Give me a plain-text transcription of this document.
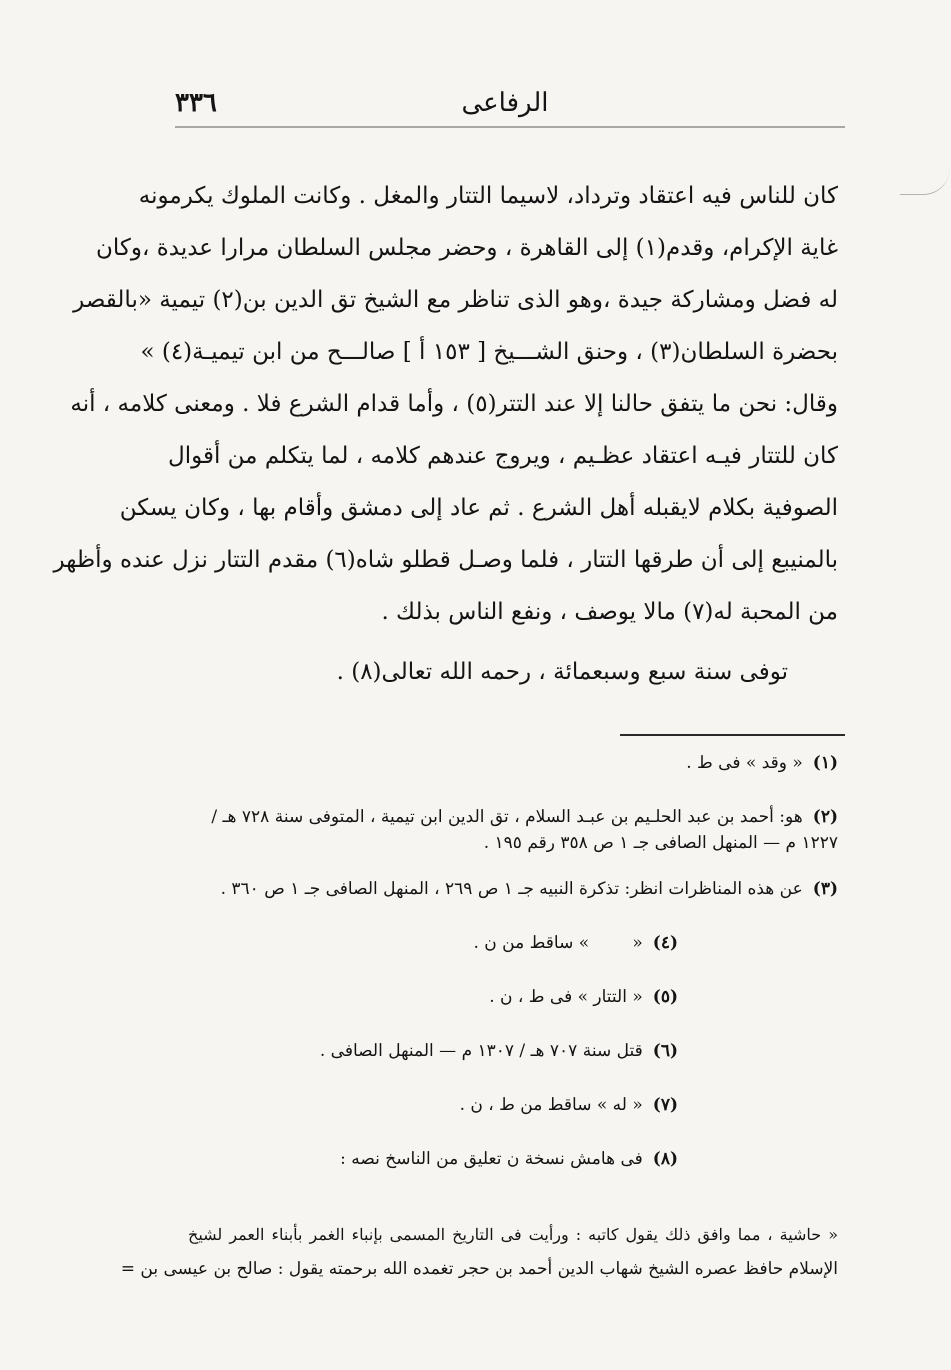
٣٣٦	الرفاعى
كان للناس فيه اعتقاد وترداد، لاسيما التتار والمغل . وكانت الملوك يكرمونه
غاية الإكرام، وقدم(١) إلى القاهرة ، وحضر مجلس السلطان مرارا عديدة ،وكان
له فضل ومشاركة جيدة ،وهو الذى تناظر مع الشيخ تق الدين بن(٢) تيمية «بالقصر
بحضرة السلطان(٣) ، وحنق الشـــيخ [ ١٥٣ أ ] صالـــح من ابن تيميـة(٤) »
وقال: نحن ما يتفق حالنا إلا عند التتر(٥) ، وأما قدام الشرع فلا . ومعنى كلامه ، أنه
كان للتتار فيـه اعتقاد عظـيم ، ويروج عندهم كلامه ، لما يتكلم من أقوال
الصوفية بكلام لايقبله أهل الشرع . ثم عاد إلى دمشق وأقام بها ، وكان يسكن
بالمنيبع إلى أن طرقها التتار ، فلما وصـل قطلو شاه(٦) مقدم التتار نزل عنده وأظهر
من المحبة له(٧) مالا يوصف ، ونفع الناس بذلك .
توفى سنة سبع وسبعمائة ، رحمه الله تعالى(٨) .
(١)« وقد » فى ط .
(٢)هو: أحمد بن عبد الحلـيم بن عبـد السلام ، تق الدين ابن تيمية ، المتوفى سنة ٧٢٨ هـ /
١٢٢٧ م — المنهل الصافى جـ ١ ص ٣٥٨ رقم ١٩٥ .
(٣)عن هذه المناظرات انظر: تذكرة النبيه جـ ١ ص ٢٦٩ ، المنهل الصافى جـ ١ ص ٣٦٠ .
(٤)«        » ساقط من ن .
(٥)« التتار » فى ط ، ن .
(٦)قتل سنة ٧٠٧ هـ / ١٣٠٧ م — المنهل الصافى .
(٧)« له » ساقط من ط ، ن .
(٨)فى هامش نسخة ن تعليق من الناسخ نصه :
« حاشية ، مما وافق ذلك يقول كاتبه : ورأيت فى التاريخ المسمى بإنباء الغمر بأبناء العمر لشيخ
الإسلام حافظ عصره الشيخ شهاب الدين أحمد بن حجر تغمده الله برحمته يقول : صالح بن عيسى بن =
